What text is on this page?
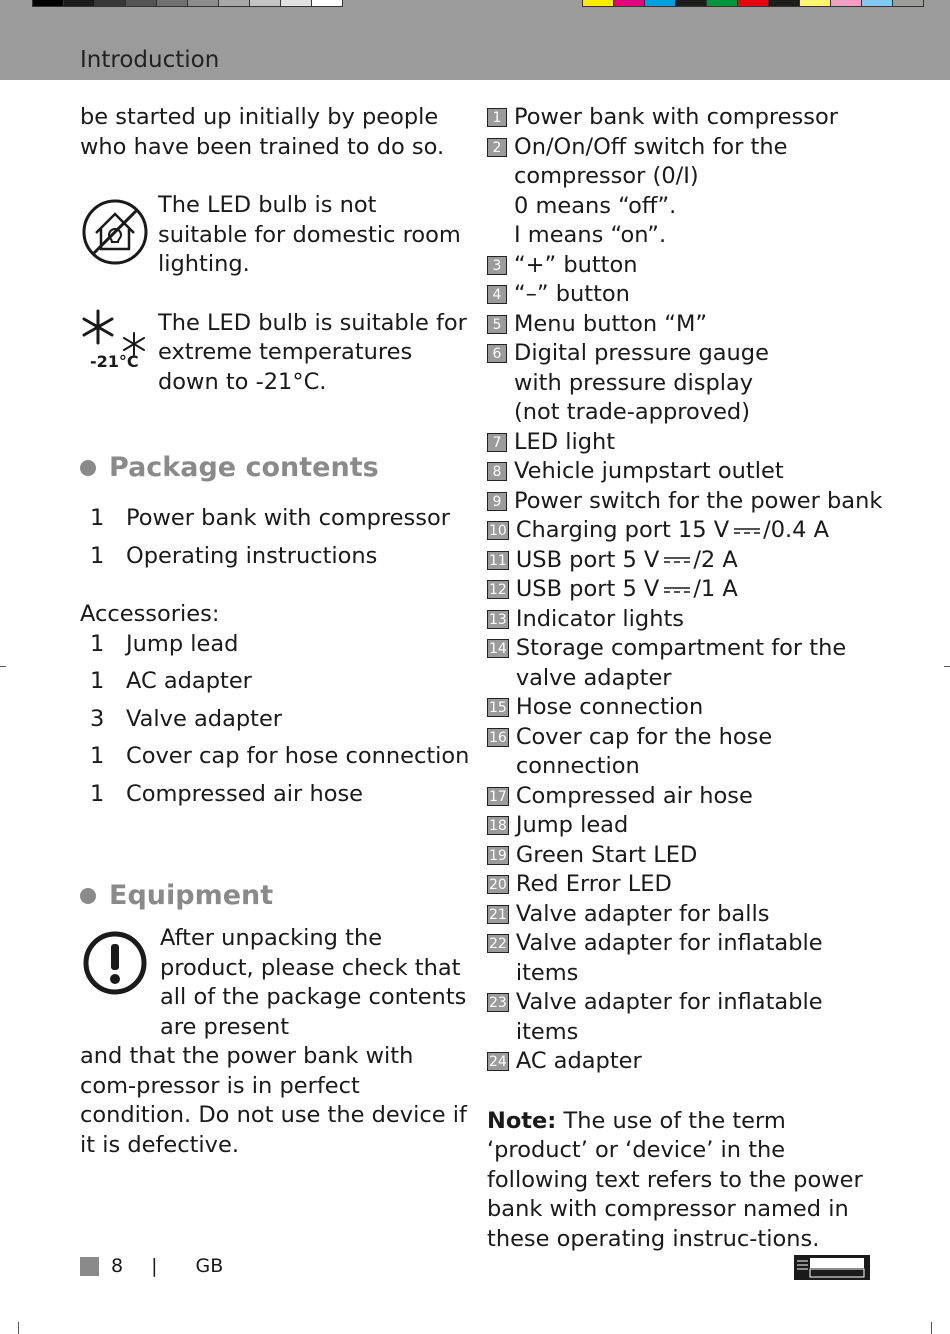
Introduction

be started up initially by people who have been trained to do so.

The LED bulb is not suitable for domestic room lighting.

-21°C

The LED bulb is suitable for extreme temperatures down to -21°C.

Package contents
1 Power bank with compressor
1 Operating instructions

Accessories:

1 Jump lead
1 AC adapter
3 Valve adapter
1 Cover cap for hose connection
1 Compressed air hose
Equipment

After unpacking the product, please check that all of the package contents are present

and that the power bank with com-pressor is in perfect condition. Do not use the device if it is defective.

1 Power bank with compressor
2 On/On/Off switch for the
compressor (0/I)
0 means “off”.
I means “on”.
3 “+” button
4 “–” button
5 Menu button “M”
6 Digital pressure gauge
with pressure display
(not trade-approved)
7 LED light
8 Vehicle jumpstart outlet
9 Power switch for the power bank
10 Charging port 15 V /0.4 A
11 USB port 5 V /2 A
12 USB port 5 V /1 A
13 Indicator lights
14 Storage compartment for the
valve adapter
15 Hose connection
16 Cover cap for the hose
connection
17 Compressed air hose
18 Jump lead
19 Green Start LED
20 Red Error LED
21 Valve adapter for balls
22 Valve adapter for inflatable items
23 Valve adapter for inflatable items
24 AC adapter

Note: The use of the term ‘product’ or ‘device’ in the following text refers to the power bank with compressor named in these operating instruc-tions.

8 | GB
